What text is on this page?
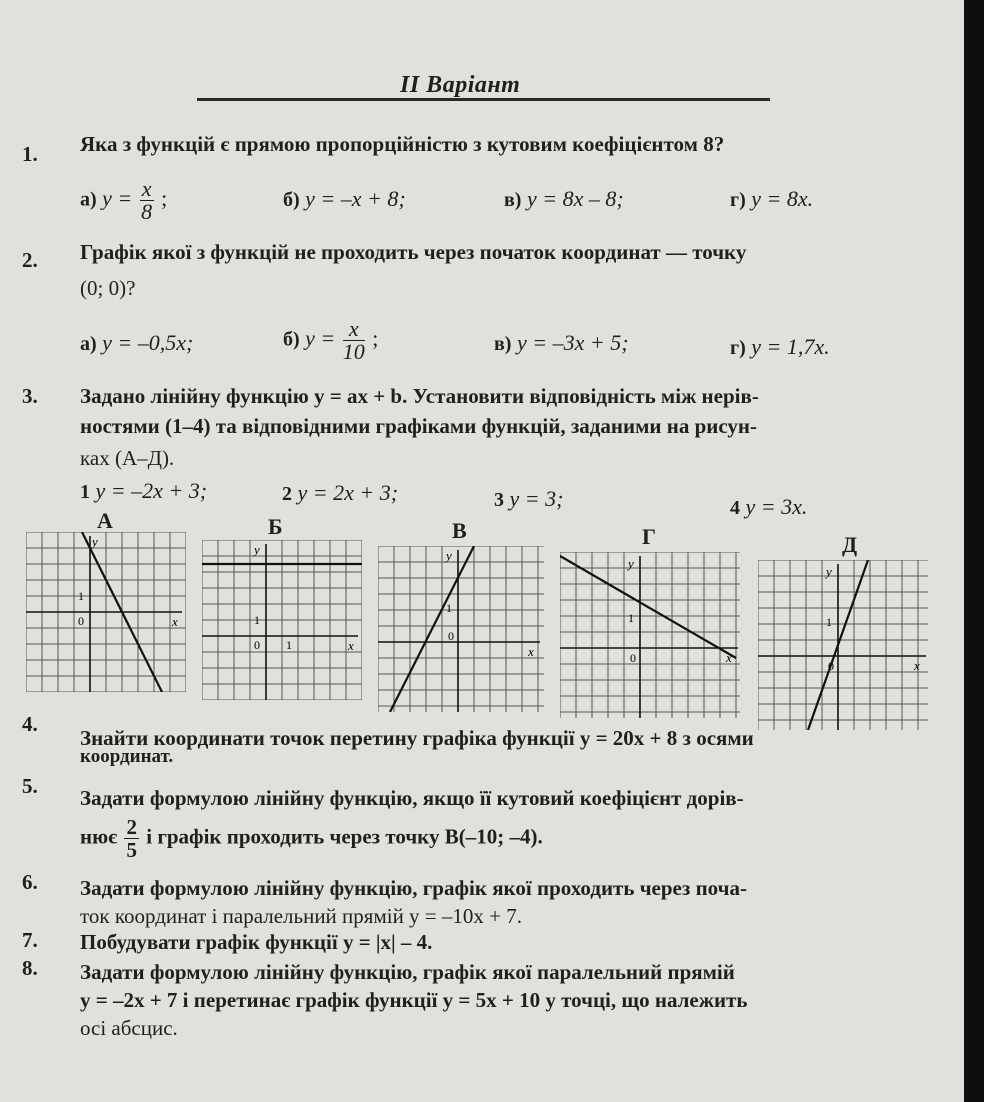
II Варіант
1. Яка з функцій є прямою пропорційністю з кутовим коефіцієнтом 8?
а) $y = \frac{x}{8}$ ;	б) y = –x + 8;	в) y = 8x – 8;	г) y = 8x.
2. Графік якої з функцій не проходить через початок координат — точку
(0; 0)?
а) y = –0,5x;	б) $y = \frac{x}{10}$ ;	в) y = –3x + 5;	г) y = 1,7x.
3. Задано лінійну функцію y = ax + b. Установити відповідність між нерів-
ностями (1–4) та відповідними графіками функцій, заданими на рисун-
ках (А–Д).
1 y = –2x + 3;	2 y = 2x + 3;	3 y = 3;	4 y = 3x.
А	Б	В	Г	Д
y
x
1
0
y
x
1
0 1
y
x
1
0
y
x
1
0
y
x
1
0
4.
Знайти координати точок перетину графіка функції y = 20x + 8 з осями
координат.
5. Задати формулою лінійну функцію, якщо її кутовий коефіцієнт дорів-
нює $\frac{2}{5}$ і графік проходить через точку B(–10; –4).
6. Задати формулою лінійну функцію, графік якої проходить через поча-
ток координат і паралельний прямій y = –10x + 7.
7. Побудувати графік функції y = |x| – 4.
8. Задати формулою лінійну функцію, графік якої паралельний прямій
y = –2x + 7 і перетинає графік функції y = 5x + 10 у точці, що належить
осі абсцис.
